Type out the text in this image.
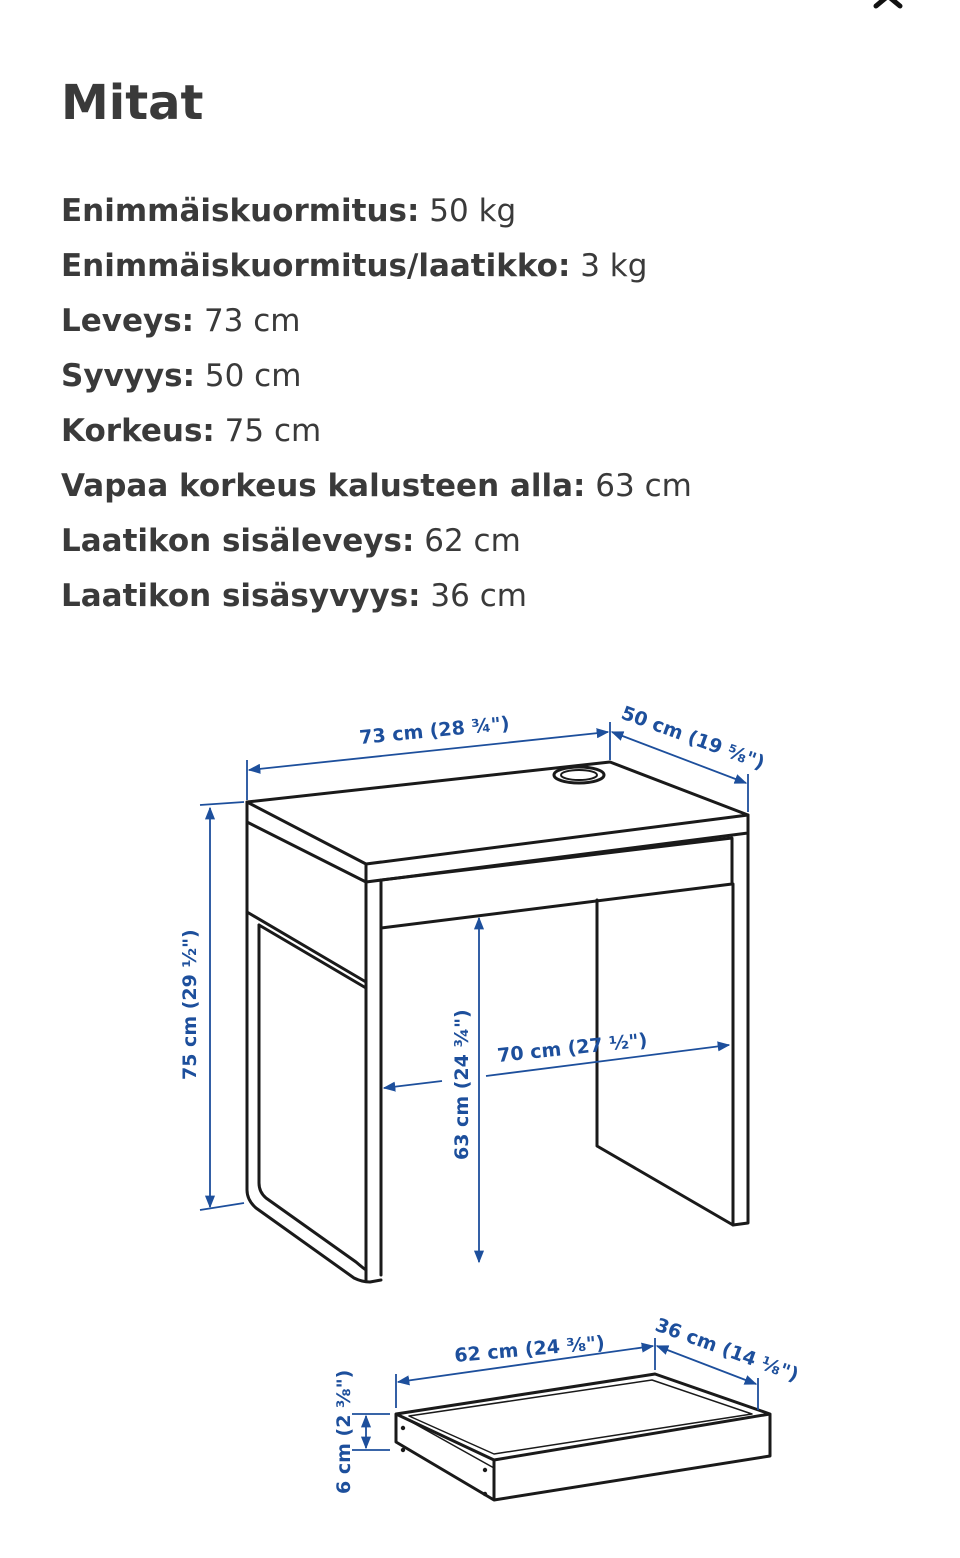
Mitat
Enimmäiskuormitus: 50 kg
Enimmäiskuormitus/laatikko: 3 kg
Leveys: 73 cm
Syvyys: 50 cm
Korkeus: 75 cm
Vapaa korkeus kalusteen alla: 63 cm
Laatikon sisäleveys: 62 cm
Laatikon sisäsyvyys: 36 cm
73 cm (28 ¾")	50 cm (19 ⅝")
75 cm (29 ½")
63 cm (24 ¾") 70 cm (27 ½")
62 cm (24 ⅜") 36 cm (14 ⅛")
6 cm (2 ⅜")
